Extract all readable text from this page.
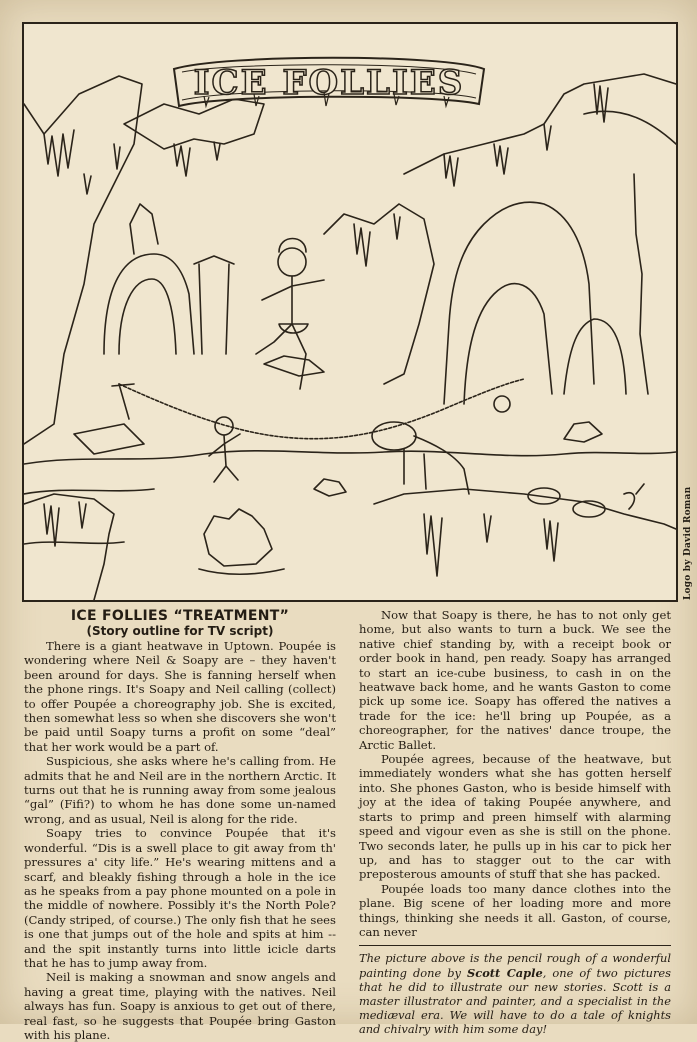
ICE FOLLIES
Logo by David Roman

ICE FOLLIES “TREATMENT”

(Story outline for TV script)

There is a giant heatwave in Uptown. Poupée is wondering where Neil & Soapy are – they haven't been around for days. She is fanning herself when the phone rings. It's Soapy and Neil calling (collect) to offer Poupée a choreography job. She is excited, then somewhat less so when she discovers she won't be paid until Soapy turns a profit on some “deal” that her work would be a part of.

Suspicious, she asks where he's calling from. He admits that he and Neil are in the northern Arctic. It turns out that he is running away from some jealous “gal” (Fifi?) to whom he has done some un-named wrong, and as usual, Neil is along for the ride.

Soapy tries to convince Poupée that it's wonderful. “Dis is a swell place to git away from th' pressures a' city life.” He's wearing mittens and a scarf, and bleakly fishing through a hole in the ice as he speaks from a pay phone mounted on a pole in the middle of nowhere. Possibly it's the North Pole? (Candy striped, of course.) The only fish that he sees is one that jumps out of the hole and spits at him -- and the spit instantly turns into little icicle darts that he has to jump away from.

Neil is making a snowman and snow angels and having a great time, playing with the natives. Neil always has fun. Soapy is anxious to get out of there, real fast, so he suggests that Poupée bring Gaston with his plane.

Now that Soapy is there, he has to not only get home, but also wants to turn a buck. We see the native chief standing by, with a receipt book or order book in hand, pen ready. Soapy has arranged to start an ice-cube business, to cash in on the heatwave back home, and he wants Gaston to come pick up some ice. Soapy has offered the natives a trade for the ice: he'll bring up Poupée, as a choreographer, for the natives' dance troupe, the Arctic Ballet.

Poupée agrees, because of the heatwave, but immediately wonders what she has gotten herself into. She phones Gaston, who is beside himself with joy at the idea of taking Poupée anywhere, and starts to primp and preen himself with alarming speed and vigour even as she is still on the phone. Two seconds later, he pulls up in his car to pick her up, and has to stagger out to the car with preposterous amounts of stuff that she has packed.

Poupée loads too many dance clothes into the plane. Big scene of her loading more and more things, thinking she needs it all. Gaston, of course, can never

The picture above is the pencil rough of a wonderful painting done by Scott Caple, one of two pictures that he did to illustrate our new stories. Scott is a master illustrator and painter, and a specialist in the mediæval era. We will have to do a tale of knights and chivalry with him some day!
